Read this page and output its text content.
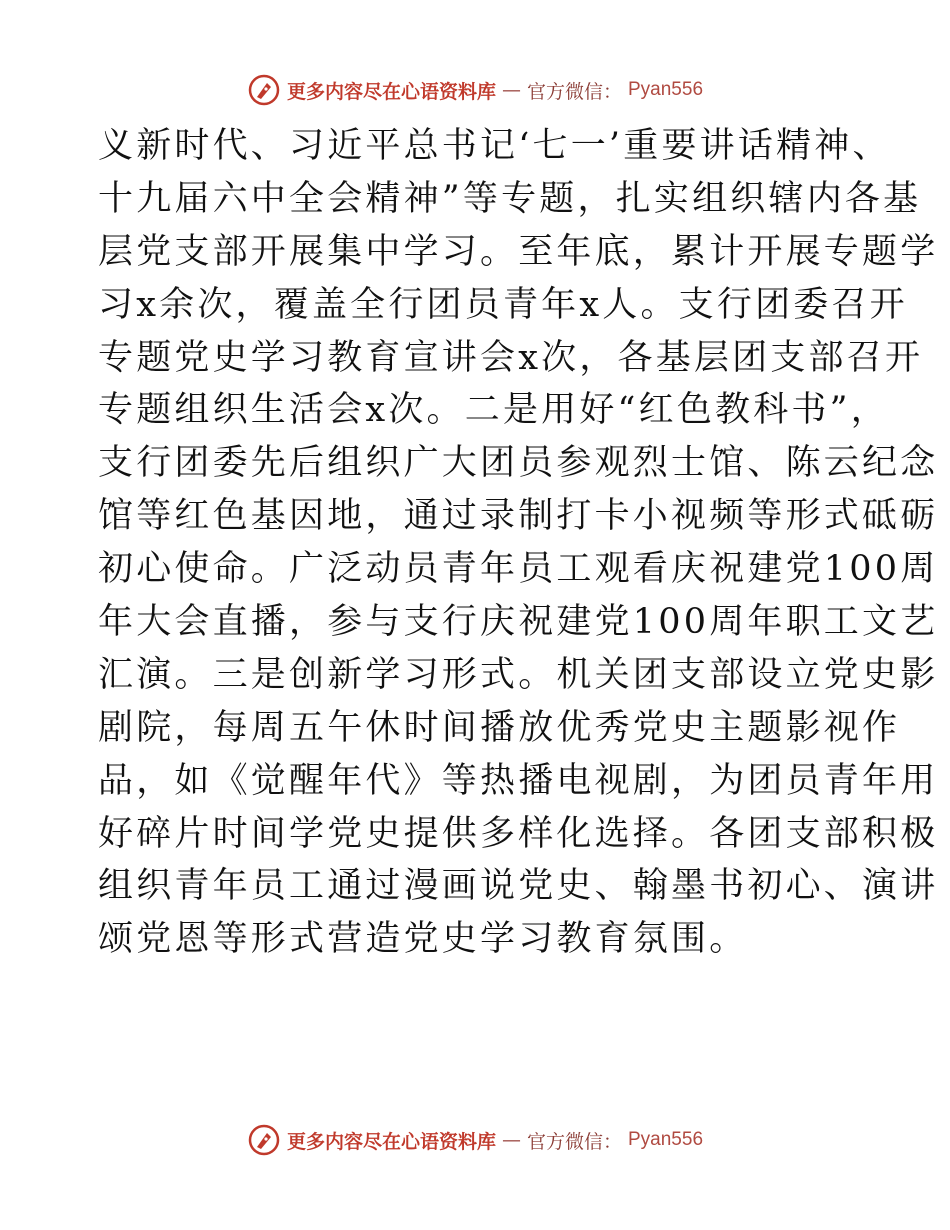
更多内容尽在心语资料库 — 官方微信： Pyan556
义新时代、习近平总书记‘七一’重要讲话精神、
十九届六中全会精神”等专题，扎实组织辖内各基
层党支部开展集中学习。至年底，累计开展专题学
习x余次，覆盖全行团员青年x人。支行团委召开
专题党史学习教育宣讲会x次，各基层团支部召开
专题组织生活会x次。二是用好“红色教科书”，
支行团委先后组织广大团员参观烈士馆、陈云纪念
馆等红色基因地，通过录制打卡小视频等形式砥砺
初心使命。广泛动员青年员工观看庆祝建党100周
年大会直播，参与支行庆祝建党100周年职工文艺
汇演。三是创新学习形式。机关团支部设立党史影
剧院，每周五午休时间播放优秀党史主题影视作
品，如《觉醒年代》等热播电视剧，为团员青年用
好碎片时间学党史提供多样化选择。各团支部积极
组织青年员工通过漫画说党史、翰墨书初心、演讲
颂党恩等形式营造党史学习教育氛围。
更多内容尽在心语资料库 — 官方微信： Pyan556
